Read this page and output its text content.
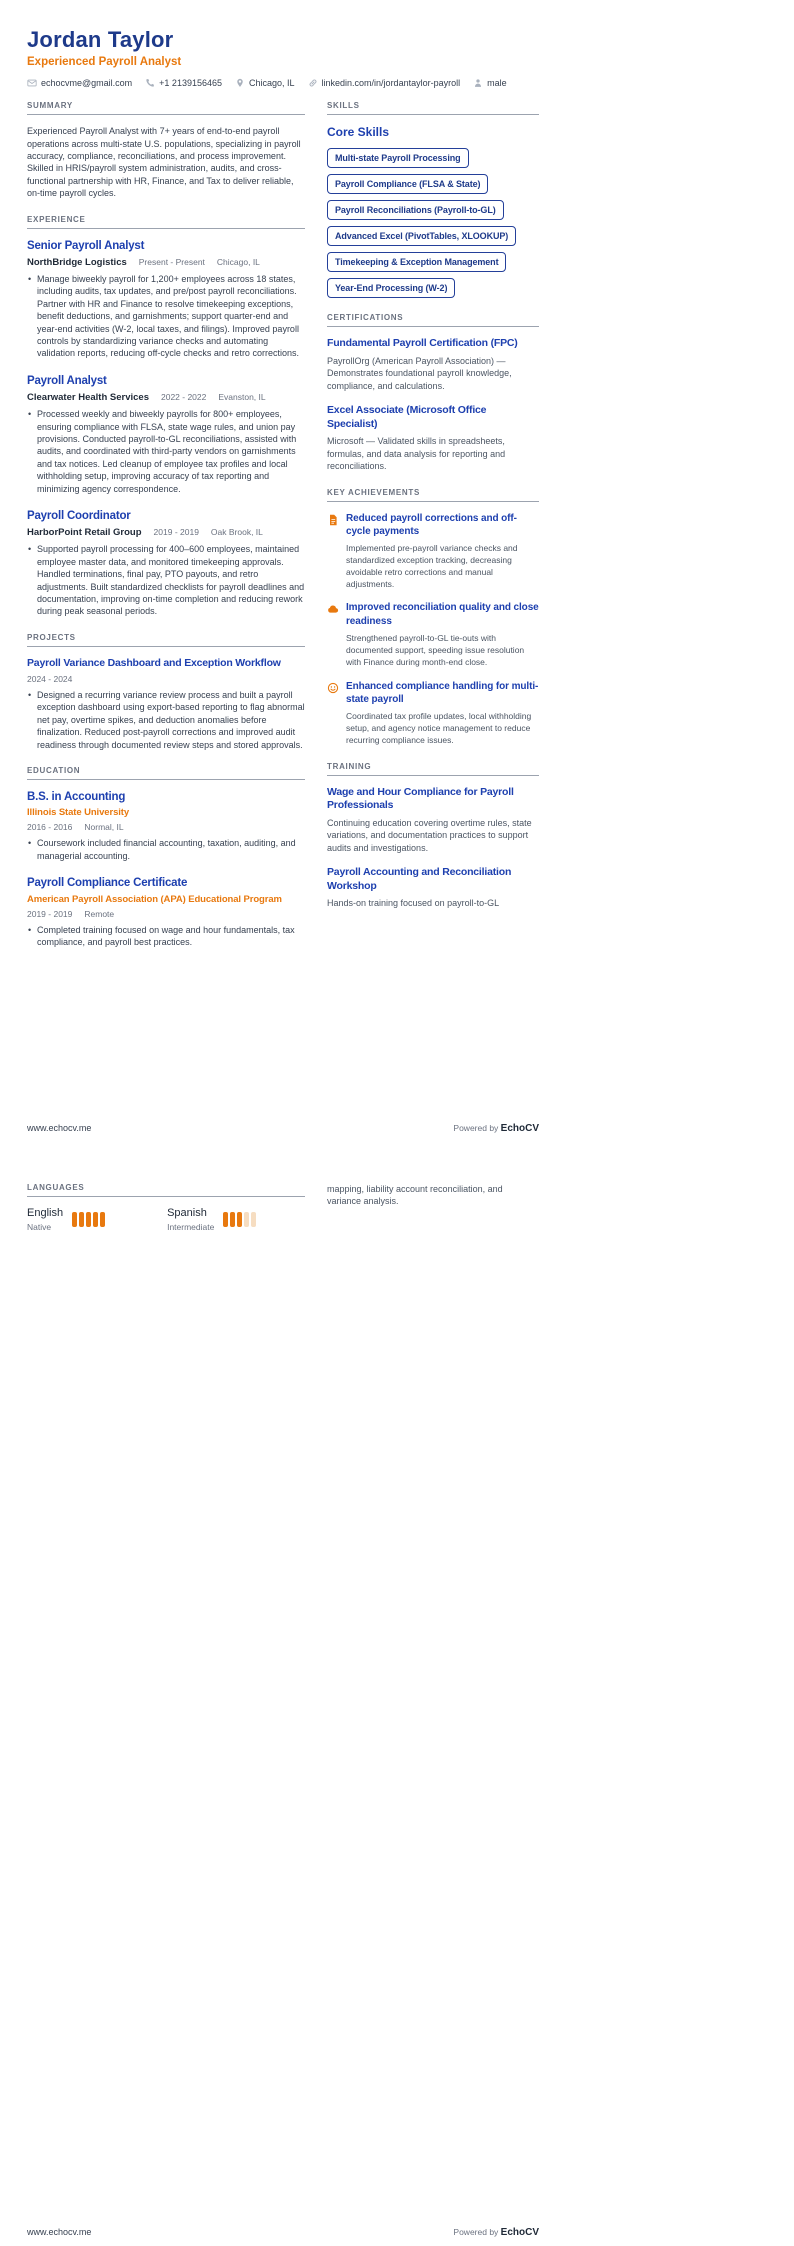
Jordan Taylor
Experienced Payroll Analyst
echocvme@gmail.com	+1 2139156465	Chicago, IL	linkedin.com/in/jordantaylor-payroll	male
SUMMARY
Experienced Payroll Analyst with 7+ years of end-to-end payroll operations across multi-state U.S. populations, specializing in payroll accuracy, compliance, reconciliations, and process improvement. Skilled in HRIS/payroll system administration, audits, and cross-functional partnership with HR, Finance, and Tax to deliver reliable, on-time payroll cycles.
EXPERIENCE
Senior Payroll Analyst
NorthBridge Logistics Present - Present Chicago, IL
• Manage biweekly payroll for 1,200+ employees across 18 states, including audits, tax updates, and pre/post payroll reconciliations. Partner with HR and Finance to resolve timekeeping exceptions, benefit deductions, and garnishments; support quarter-end and year-end activities (W-2, local taxes, and filings). Improved payroll controls by standardizing variance checks and automating validation reports, reducing off-cycle checks and retro corrections.
Payroll Analyst
Clearwater Health Services 2022 - 2022 Evanston, IL
• Processed weekly and biweekly payrolls for 800+ employees, ensuring compliance with FLSA, state wage rules, and union pay provisions. Conducted payroll-to-GL reconciliations, assisted with audits, and coordinated with third-party vendors on garnishments and tax notices. Led cleanup of employee tax profiles and local withholding setup, improving accuracy of tax reporting and minimizing agency correspondence.
Payroll Coordinator
HarborPoint Retail Group 2019 - 2019 Oak Brook, IL
• Supported payroll processing for 400–600 employees, maintained employee master data, and monitored timekeeping approvals. Handled terminations, final pay, PTO payouts, and retro adjustments. Built standardized checklists for payroll deadlines and documentation, improving on-time completion and reducing rework during peak seasonal periods.
PROJECTS
Payroll Variance Dashboard and Exception Workflow
2024 - 2024
• Designed a recurring variance review process and built a payroll exception dashboard using export-based reporting to flag abnormal net pay, overtime spikes, and deduction anomalies before finalization. Reduced post-payroll corrections and improved audit readiness through documented review steps and stored approvals.
EDUCATION
B.S. in Accounting
Illinois State University
2016 - 2016 Normal, IL
• Coursework included financial accounting, taxation, auditing, and managerial accounting.
Payroll Compliance Certificate
American Payroll Association (APA) Educational Program
2019 - 2019 Remote
• Completed training focused on wage and hour fundamentals, tax compliance, and payroll best practices.
SKILLS
Core Skills
Multi-state Payroll Processing
Payroll Compliance (FLSA & State)
Payroll Reconciliations (Payroll-to-GL)
Advanced Excel (PivotTables, XLOOKUP)
Timekeeping & Exception Management
Year-End Processing (W-2)
CERTIFICATIONS
Fundamental Payroll Certification (FPC)
PayrollOrg (American Payroll Association) — Demonstrates foundational payroll knowledge, compliance, and calculations.
Excel Associate (Microsoft Office Specialist)
Microsoft — Validated skills in spreadsheets, formulas, and data analysis for reporting and reconciliations.
KEY ACHIEVEMENTS
Reduced payroll corrections and off-cycle payments
Implemented pre-payroll variance checks and standardized exception tracking, decreasing avoidable retro corrections and manual adjustments.
Improved reconciliation quality and close readiness
Strengthened payroll-to-GL tie-outs with documented support, speeding issue resolution with Finance during month-end close.
Enhanced compliance handling for multi-state payroll
Coordinated tax profile updates, local withholding setup, and agency notice management to reduce recurring compliance issues.
TRAINING
Wage and Hour Compliance for Payroll Professionals
Continuing education covering overtime rules, state variations, and documentation practices to support audits and investigations.
Payroll Accounting and Reconciliation Workshop
Hands-on training focused on payroll-to-GL
www.echocv.me	Powered by EchoCV
LANGUAGES
English
Native
Spanish
Intermediate
mapping, liability account reconciliation, and variance analysis.
www.echocv.me	Powered by EchoCV
